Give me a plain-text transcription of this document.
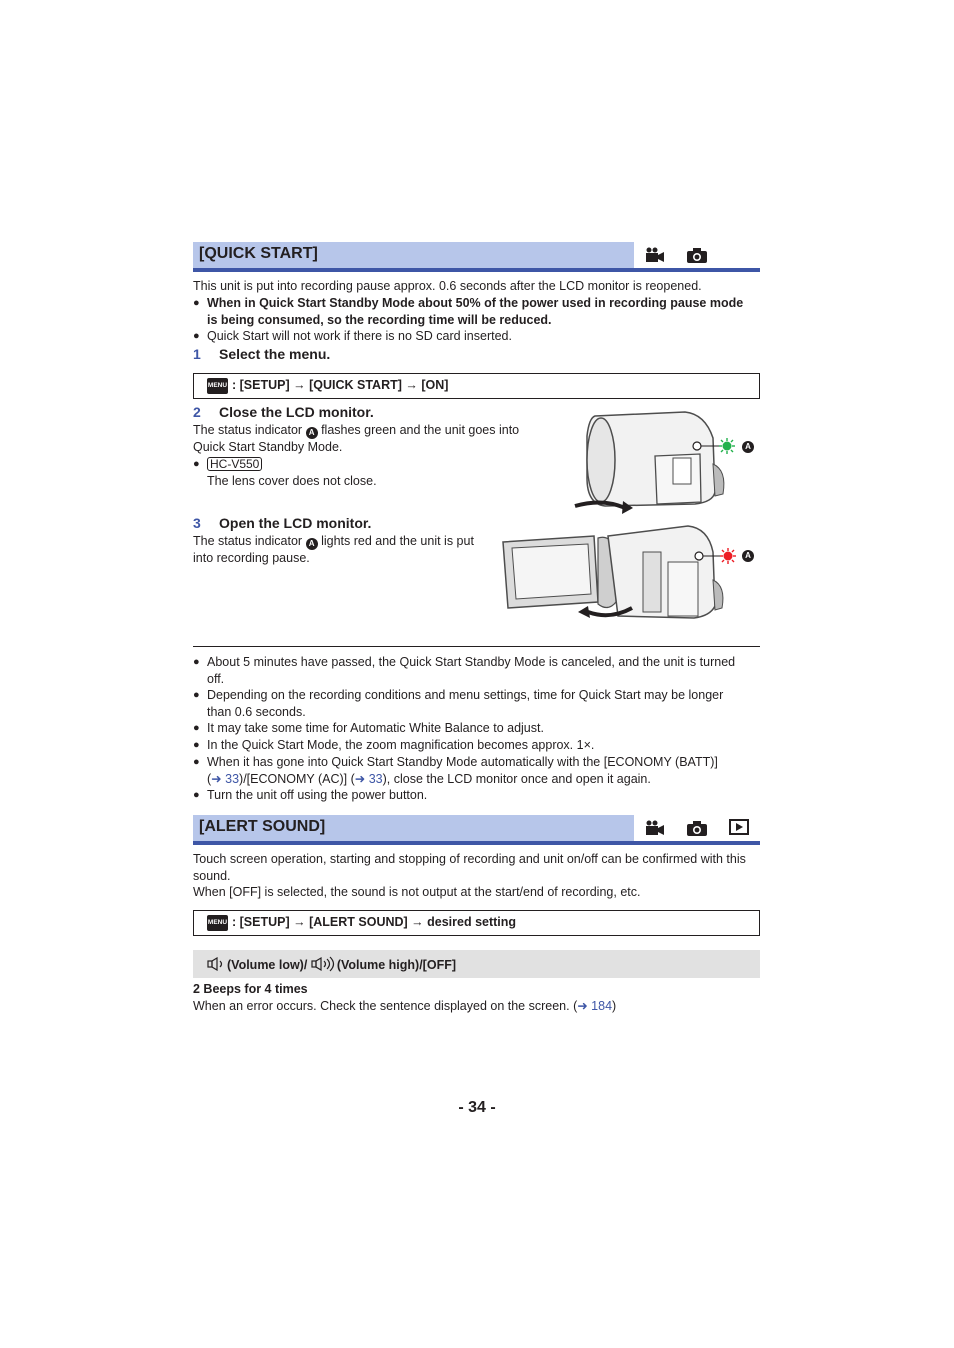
[QUICK START]
This unit is put into recording pause approx. 0.6 seconds after the LCD monitor is reopened.
● When in Quick Start Standby Mode about 50% of the power used in recording pause mode
is being consumed, so the recording time will be reduced.
● Quick Start will not work if there is no SD card inserted.
1 Select the menu.
MENU : [SETUP] → [QUICK START] → [ON]
2 Close the LCD monitor.
The status indicator A flashes green and the unit goes into
Quick Start Standby Mode.
● HC-V550
The lens cover does not close.
3 Open the LCD monitor.
The status indicator A lights red and the unit is put
into recording pause.
A
A
● About 5 minutes have passed, the Quick Start Standby Mode is canceled, and the unit is turned
off.
● Depending on the recording conditions and menu settings, time for Quick Start may be longer
than 0.6 seconds.
● It may take some time for Automatic White Balance to adjust.
● In the Quick Start Mode, the zoom magnification becomes approx. 1×.
● When it has gone into Quick Start Standby Mode automatically with the [ECONOMY (BATT)]
(➜ 33)/[ECONOMY (AC)] (➜ 33), close the LCD monitor once and open it again.
● Turn the unit off using the power button.
[ALERT SOUND]
Touch screen operation, starting and stopping of recording and unit on/off can be confirmed with this
sound.
When [OFF] is selected, the sound is not output at the start/end of recording, etc.
MENU : [SETUP] → [ALERT SOUND] → desired setting
(Volume low)/ (Volume high)/[OFF]
2 Beeps for 4 times
When an error occurs. Check the sentence displayed on the screen. (➜ 184)
- 34 -
